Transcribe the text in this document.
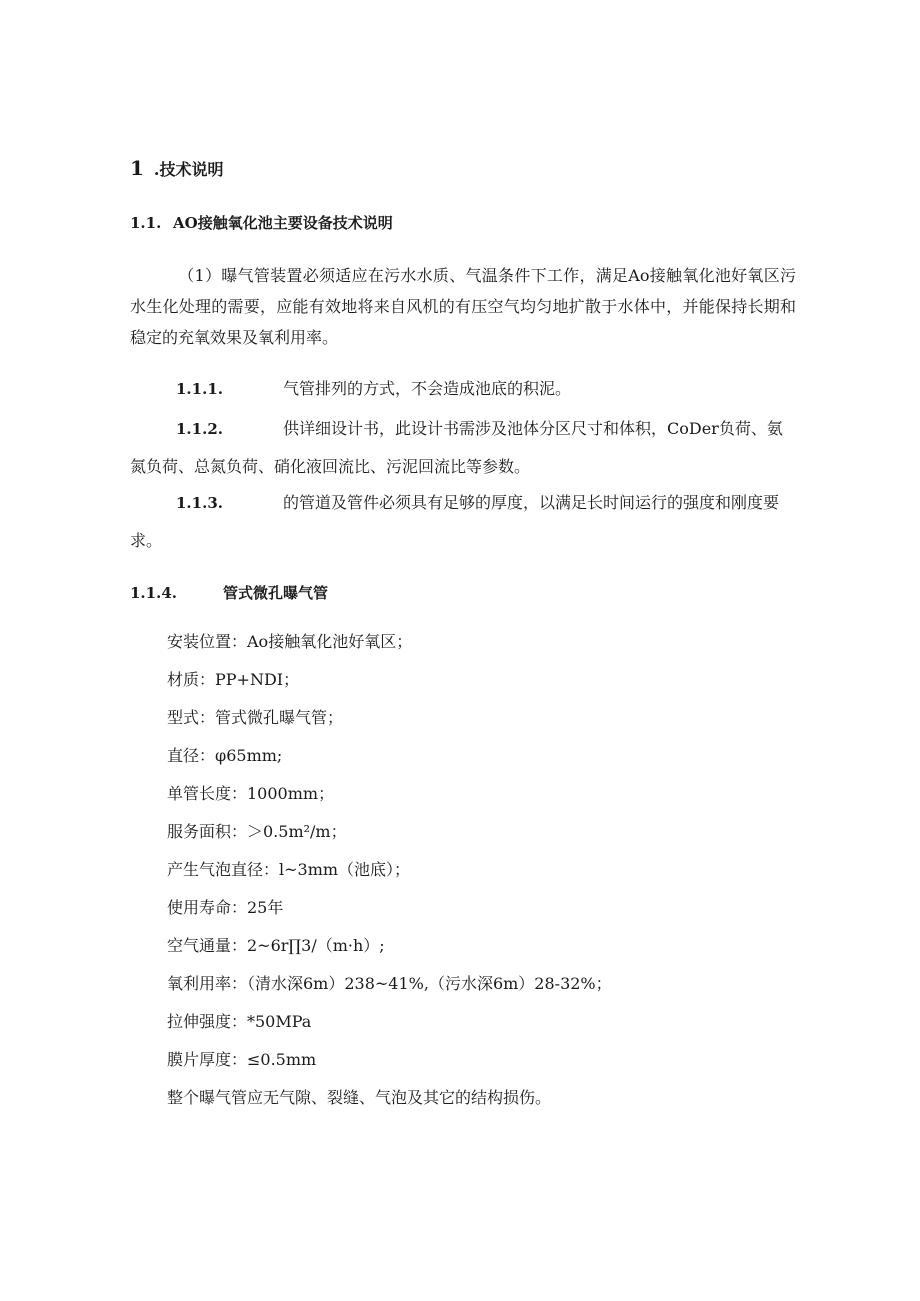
1 .技术说明
1.1. AO接触氧化池主要设备技术说明

（1）曝气管装置必须适应在污水水质、气温条件下工作，满足Ao接触氧化池好氧区污水生化处理的需要，应能有效地将来自风机的有压空气均匀地扩散于水体中，并能保持长期和稳定的充氧效果及氧利用率。

1.1.1.	气管排列的方式，不会造成池底的积泥。

1.1.2.	供详细设计书，此设计书需涉及池体分区尺寸和体积，CoDer负荷、氨氮负荷、总氮负荷、硝化液回流比、污泥回流比等参数。

1.1.3.	的管道及管件必须具有足够的厚度，以满足长时间运行的强度和刚度要求。

1.1.4.	管式微孔曝气管
安装位置：Ao接触氧化池好氧区；
材质：PP+NDI；
型式：管式微孔曝气管；
直径：φ65mm;
单管长度：1000mm；
服务面积：＞0.5m²/m；
产生气泡直径：l~3mm（池底）；
使用寿命：25年
空气通量：2~6r∏3∕（m·h）;
氧利用率：（清水深6m）238~41%,（污水深6m）28-32%；
拉伸强度：*50MPa
膜片厚度：≤0.5mm
整个曝气管应无气隙、裂缝、气泡及其它的结构损伤。
